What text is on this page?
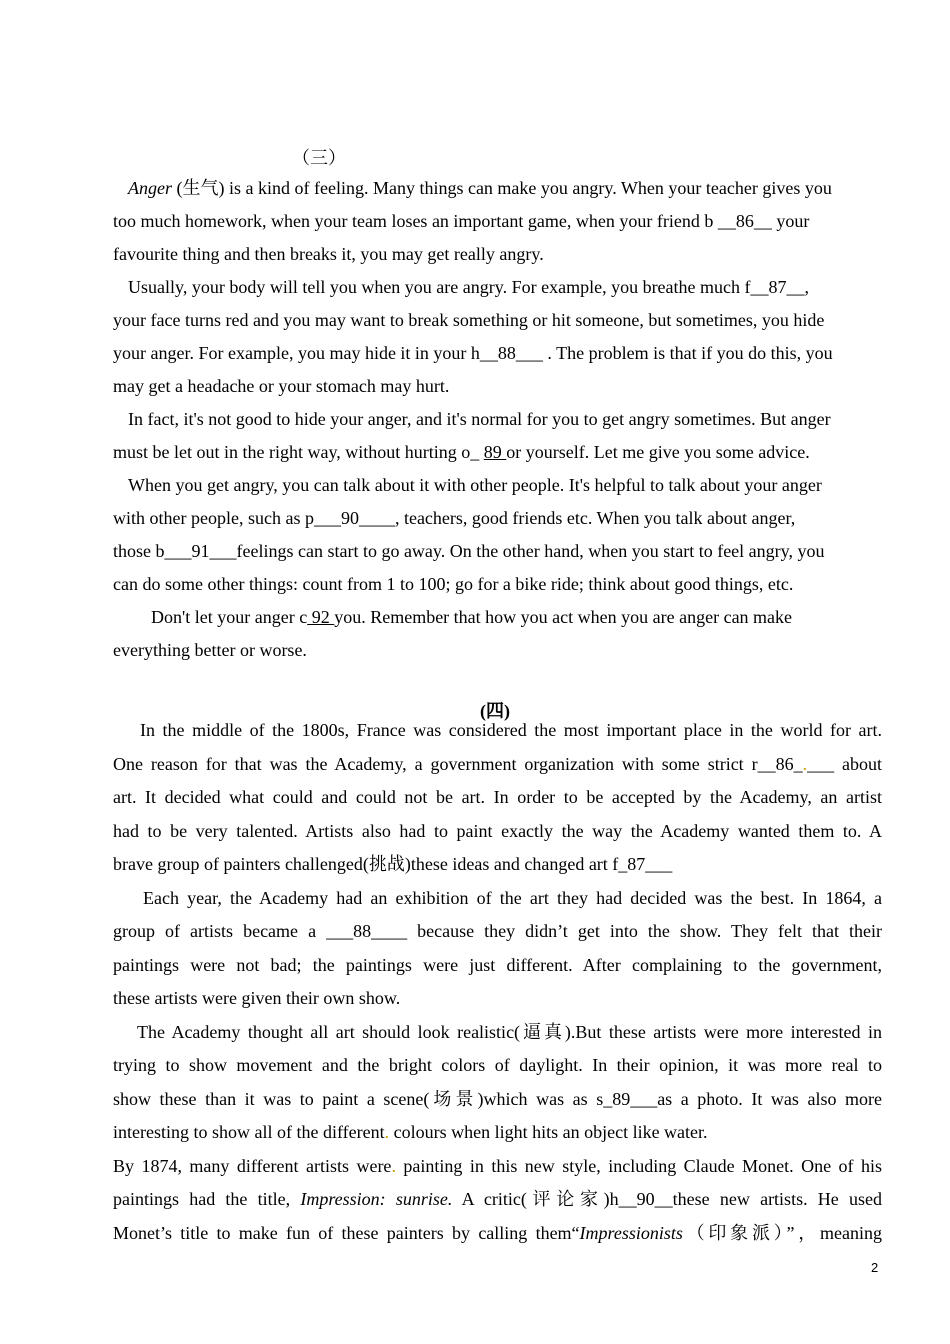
（三）
Anger (生气) is a kind of feeling. Many things can make you angry. When your teacher gives you
too much homework, when your team loses an important game, when your friend b __86__ your
favourite thing and then breaks it, you may get really angry.
Usually, your body will tell you when you are angry. For example, you breathe much f__87__,
your face turns red and you may want to break something or hit someone, but sometimes, you hide
your anger. For example, you may hide it in your h__88___ . The problem is that if you do this, you
may get a headache or your stomach may hurt.
In fact, it's not good to hide your anger, and it's normal for you to get angry sometimes. But anger
must be let out in the right way, without hurting o_ 89 or yourself. Let me give you some advice.
When you get angry, you can talk about it with other people. It's helpful to talk about your anger
with other people, such as p___90____, teachers, good friends etc. When you talk about anger,
those b___91___feelings can start to go away. On the other hand, when you start to feel angry, you
can do some other things: count from 1 to 100; go for a bike ride; think about good things, etc.
Don't let your anger c 92 you. Remember that how you act when you are anger can make
everything better or worse.
(四)
In the middle of the 1800s, France was considered the most important place in the world for art.
One reason for that was the Academy, a government organization with some strict r__86_.___ about
art. It decided what could and could not be art. In order to be accepted by the Academy, an artist
had to be very talented. Artists also had to paint exactly the way the Academy wanted them to. A
brave group of painters challenged(挑战)these ideas and changed art f_87___
Each year, the Academy had an exhibition of the art they had decided was the best. In 1864, a
group of artists became a ___88____ because they didn’t get into the show. They felt that their
paintings were not bad; the paintings were just different. After complaining to the government,
these artists were given their own show.
The Academy thought all art should look realistic(逼真).But these artists were more interested in
trying to show movement and the bright colors of daylight. In their opinion, it was more real to
show these than it was to paint a scene(场景)which was as s_89___as a photo. It was also more
interesting to show all of the different. colours when light hits an object like water.
By 1874, many different artists were. painting in this new style, including Claude Monet. One of his
paintings had the title, Impression: sunrise. A critic(评论家)h__90__these new artists. He used
Monet’s title to make fun of these painters by calling them“Impressionists（印象派）”，meaning
2
